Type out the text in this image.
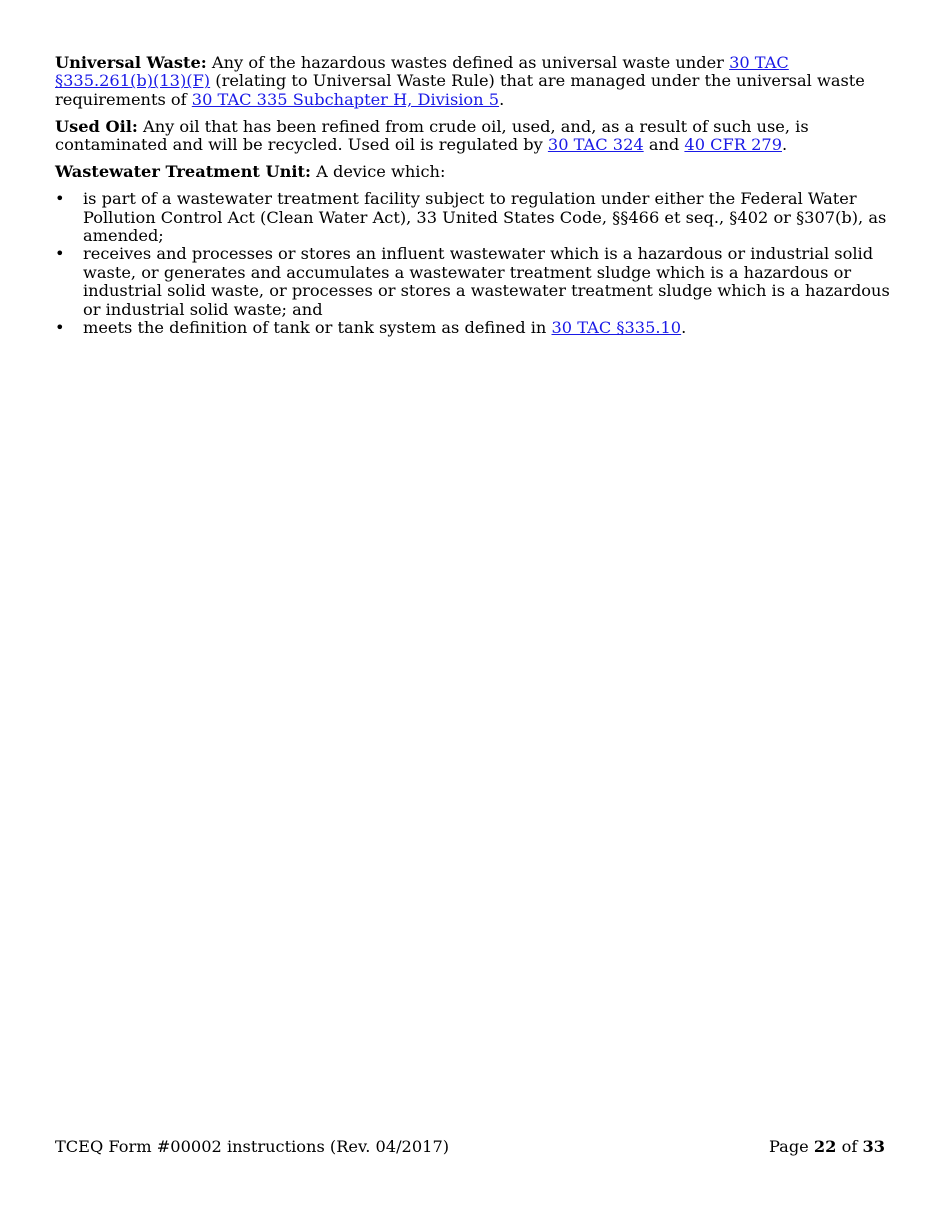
Universal Waste: Any of the hazardous wastes defined as universal waste under 30 TAC §335.261(b)(13)(F) (relating to Universal Waste Rule) that are managed under the universal waste requirements of 30 TAC 335 Subchapter H, Division 5.

Used Oil: Any oil that has been refined from crude oil, used, and, as a result of such use, is contaminated and will be recycled. Used oil is regulated by 30 TAC 324 and 40 CFR 279.

Wastewater Treatment Unit: A device which:

• is part of a wastewater treatment facility subject to regulation under either the Federal Water Pollution Control Act (Clean Water Act), 33 United States Code, §§466 et seq., §402 or §307(b), as amended;
• receives and processes or stores an influent wastewater which is a hazardous or industrial solid waste, or generates and accumulates a wastewater treatment sludge which is a hazardous or industrial solid waste, or processes or stores a wastewater treatment sludge which is a hazardous or industrial solid waste; and
• meets the definition of tank or tank system as defined in 30 TAC §335.10.
TCEQ Form #00002 instructions (Rev. 04/2017)	Page 22 of 33
